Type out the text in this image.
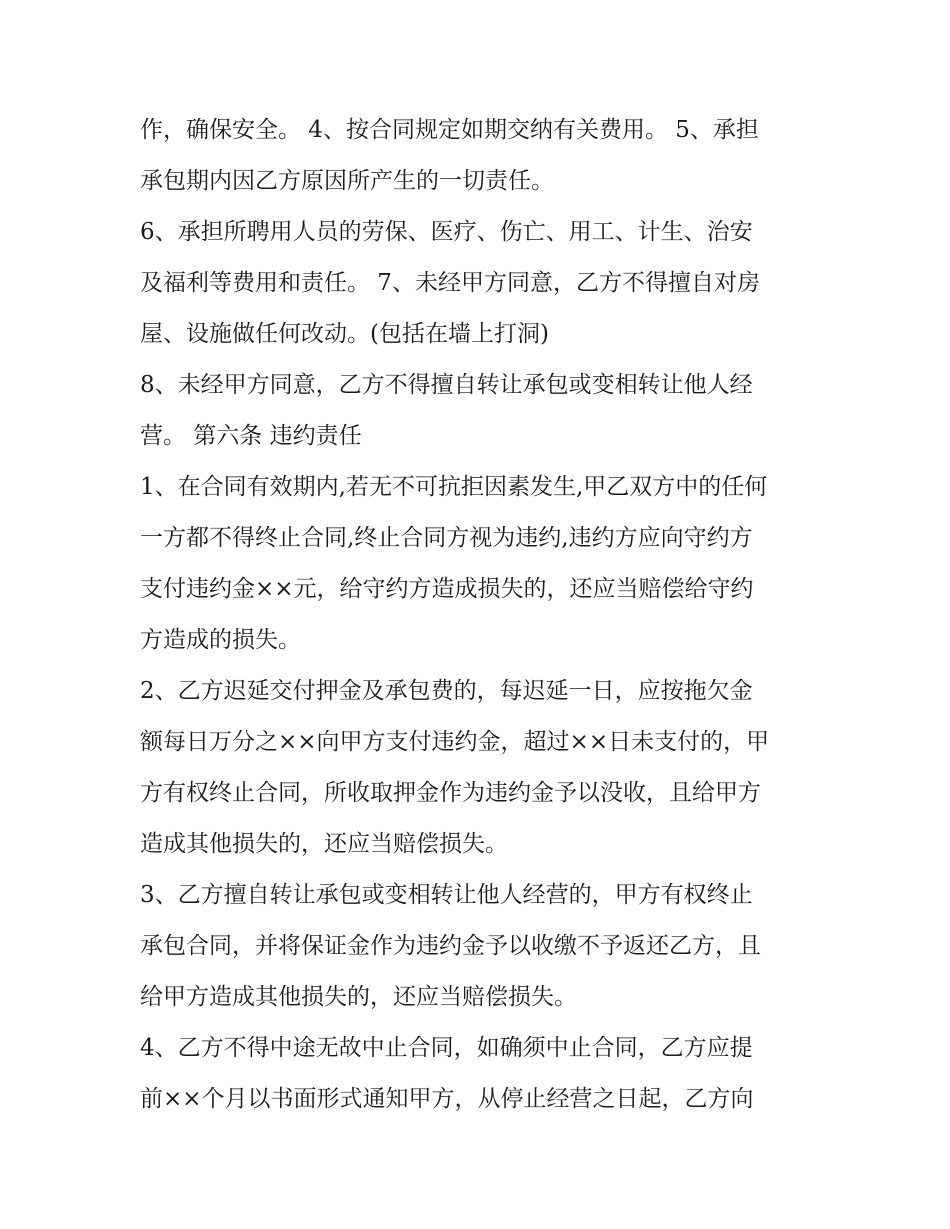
作，确保安全。 4、按合同规定如期交纳有关费用。 5、承担
承包期内因乙方原因所产生的一切责任。
6、承担所聘用人员的劳保、医疗、伤亡、用工、计生、治安
及福利等费用和责任。 7、未经甲方同意，乙方不得擅自对房
屋、设施做任何改动。(包括在墙上打洞)
8、未经甲方同意，乙方不得擅自转让承包或变相转让他人经
营。 第六条 违约责任
1、在合同有效期内,若无不可抗拒因素发生,甲乙双方中的任何
一方都不得终止合同,终止合同方视为违约,违约方应向守约方
支付违约金××元，给守约方造成损失的，还应当赔偿给守约
方造成的损失。
2、乙方迟延交付押金及承包费的，每迟延一日，应按拖欠金
额每日万分之××向甲方支付违约金，超过××日未支付的，甲
方有权终止合同，所收取押金作为违约金予以没收，且给甲方
造成其他损失的，还应当赔偿损失。
3、乙方擅自转让承包或变相转让他人经营的，甲方有权终止
承包合同，并将保证金作为违约金予以收缴不予返还乙方，且
给甲方造成其他损失的，还应当赔偿损失。
4、乙方不得中途无故中止合同，如确须中止合同，乙方应提
前××个月以书面形式通知甲方，从停止经营之日起，乙方向
